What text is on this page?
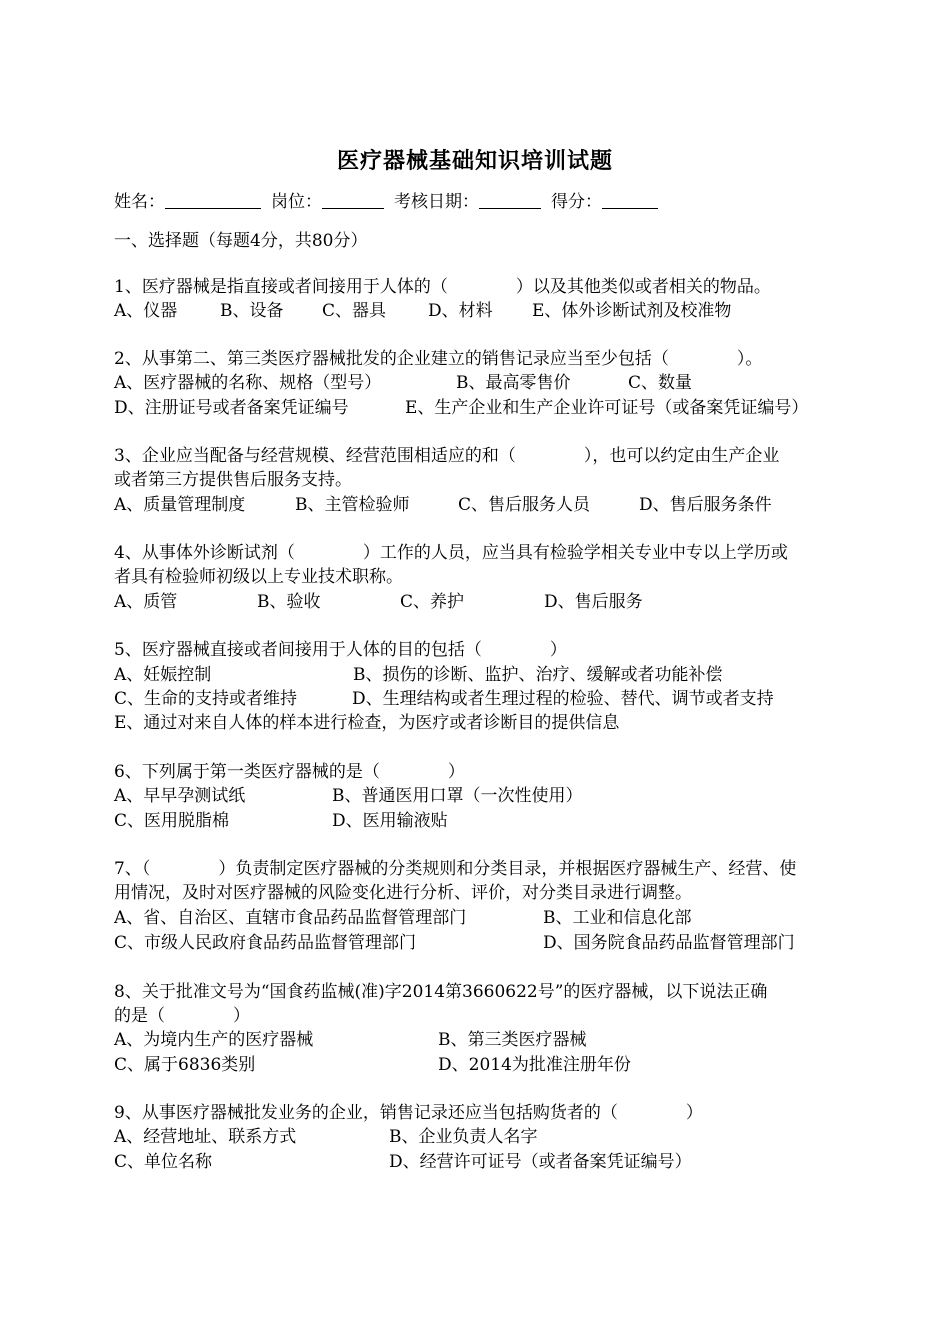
医疗器械基础知识培训试题
姓名：	岗位：	考核日期：	得分：
一、选择题（每题4分，共80分）
1、医疗器械是指直接或者间接用于人体的（　　　　）以及其他类似或者相关的物品。
A、仪器	B、设备 C、器具 D、材料 E、体外诊断试剂及校准物
2、从事第二、第三类医疗器械批发的企业建立的销售记录应当至少包括（　　　　）。
A、医疗器械的名称、规格（型号）	B、最高零售价	C、数量
D、注册证号或者备案凭证编号	E、生产企业和生产企业许可证号（或备案凭证编号）
3、企业应当配备与经营规模、经营范围相适应的和（　　　　），也可以约定由生产企业
或者第三方提供售后服务支持。
A、质量管理制度	B、主管检验师	C、售后服务人员	D、售后服务条件
4、从事体外诊断试剂（　　　　）工作的人员，应当具有检验学相关专业中专以上学历或
者具有检验师初级以上专业技术职称。
A、质管	B、验收	C、养护	D、售后服务
5、医疗器械直接或者间接用于人体的目的包括（　　　　）
A、妊娠控制	B、损伤的诊断、监护、治疗、缓解或者功能补偿
C、生命的支持或者维持	D、生理结构或者生理过程的检验、替代、调节或者支持
E、通过对来自人体的样本进行检查，为医疗或者诊断目的提供信息
6、下列属于第一类医疗器械的是（　　　　）
A、早早孕测试纸	B、普通医用口罩（一次性使用）
C、医用脱脂棉	D、医用输液贴
7、（　　　　）负责制定医疗器械的分类规则和分类目录，并根据医疗器械生产、经营、使
用情况，及时对医疗器械的风险变化进行分析、评价，对分类目录进行调整。
A、省、自治区、直辖市食品药品监督管理部门	B、工业和信息化部
C、市级人民政府食品药品监督管理部门	D、国务院食品药品监督管理部门
8、关于批准文号为“国食药监械(准)字2014第3660622号”的医疗器械，以下说法正确
的是（　　　　）
A、为境内生产的医疗器械	B、第三类医疗器械
C、属于6836类别	D、2014为批准注册年份
9、从事医疗器械批发业务的企业，销售记录还应当包括购货者的（　　　　）
A、经营地址、联系方式	B、企业负责人名字
C、单位名称	D、经营许可证号（或者备案凭证编号）
